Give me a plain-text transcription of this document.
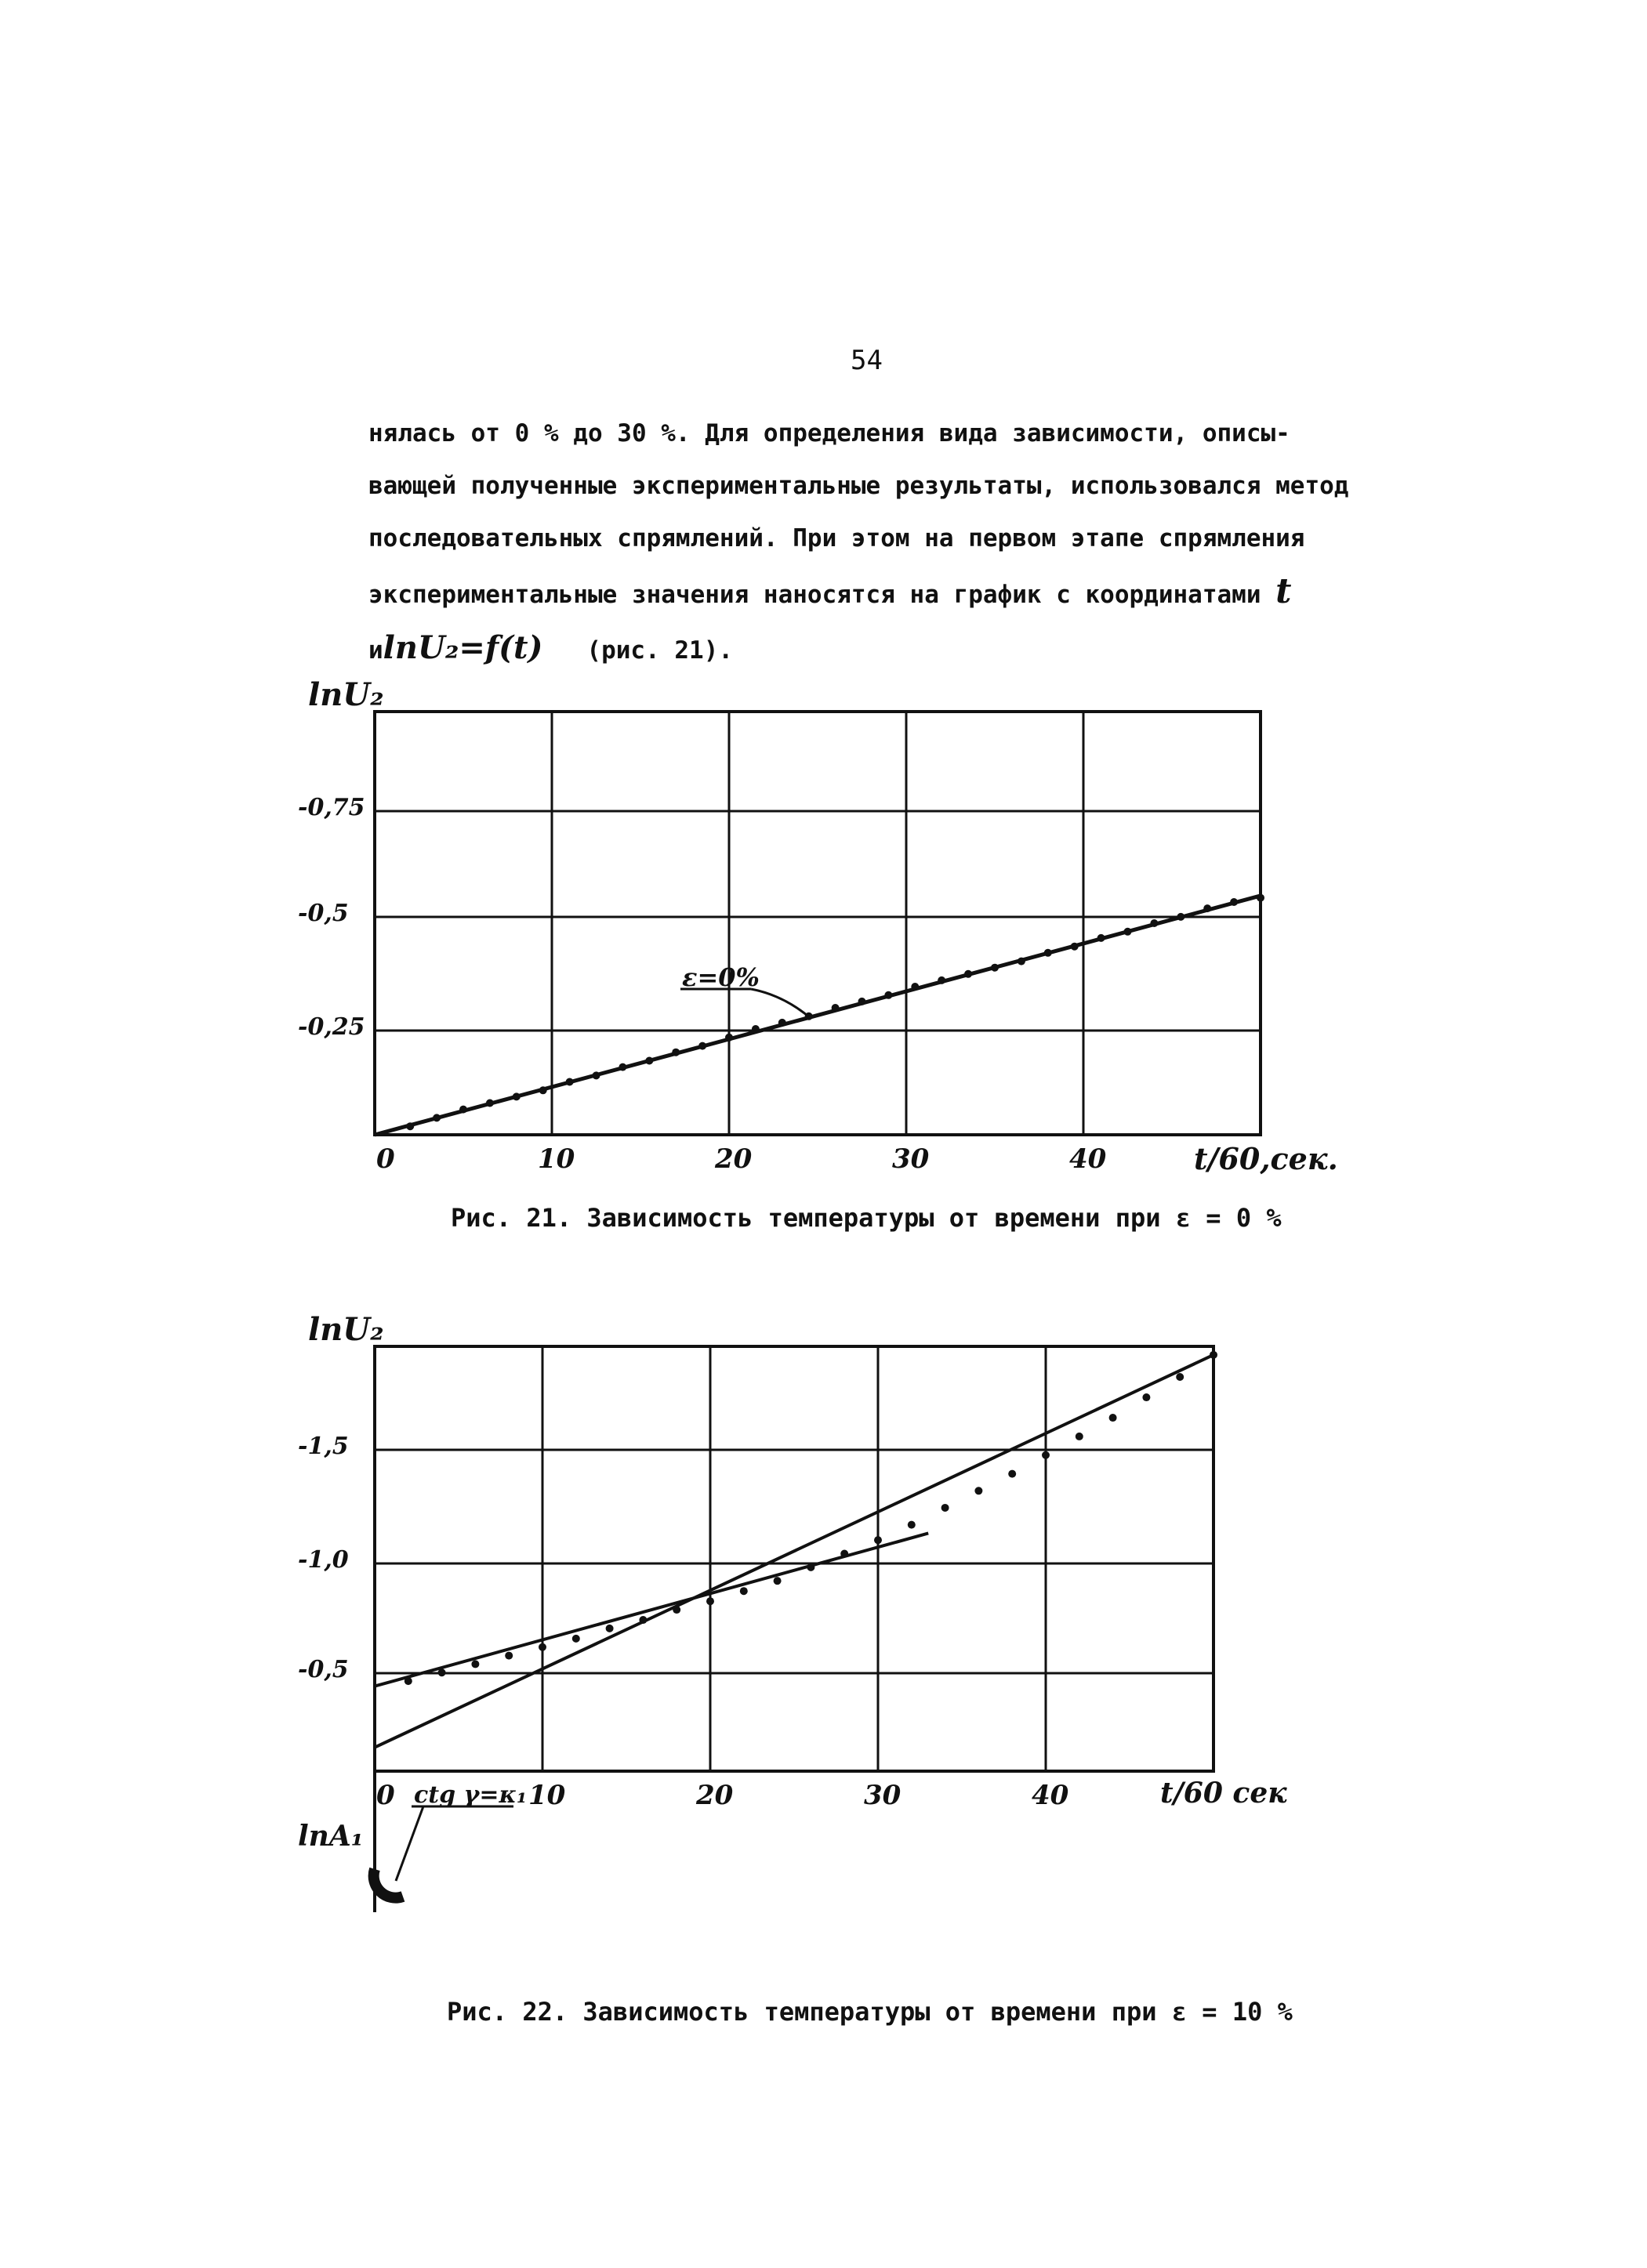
54
нялась от 0 % до 30 %. Для определения вида зависимости, описы-
вающей полученные экспериментальные результаты, использовался метод
последовательных спрямлений. При этом на первом этапе спрямления
экспериментальные значения наносятся на график с координатами t
иlnU₂=f(t) (рис. 21).
lnU₂
-0,75
-0,5
-0,25
0	10	20	30	40	t/60,сек.
ε=0%
lnU₂
-1,5
-1,0
-0,5
0	10	20	30	40	t/60 сек
ctg γ=κ₁
lnA₁
Рис. 21. Зависимость температуры от времени при ε = 0 %
Рис. 22. Зависимость температуры от времени при ε = 10 %
